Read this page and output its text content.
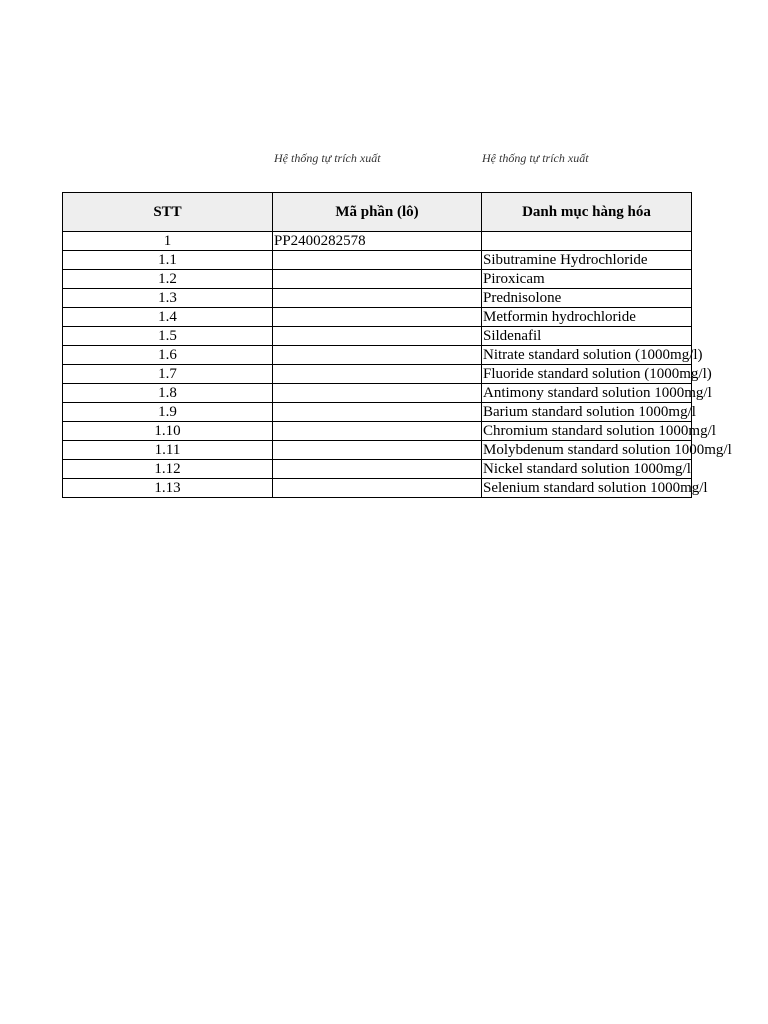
Hệ thống tự trích xuất	Hệ thống tự trích xuất
STT	Mã phần (lô)	Danh mục hàng hóa
1	PP2400282578	
1.1		Sibutramine Hydrochloride
1.2		Piroxicam
1.3		Prednisolone
1.4		Metformin hydrochloride
1.5		Sildenafil
1.6		Nitrate standard solution (1000mg/l)
1.7		Fluoride standard solution (1000mg/l)
1.8		Antimony standard solution 1000mg/l
1.9		Barium standard solution 1000mg/l
1.10		Chromium standard solution 1000mg/l
1.11		Molybdenum standard solution 1000mg/l
1.12		Nickel standard solution 1000mg/l
1.13		Selenium standard solution 1000mg/l
